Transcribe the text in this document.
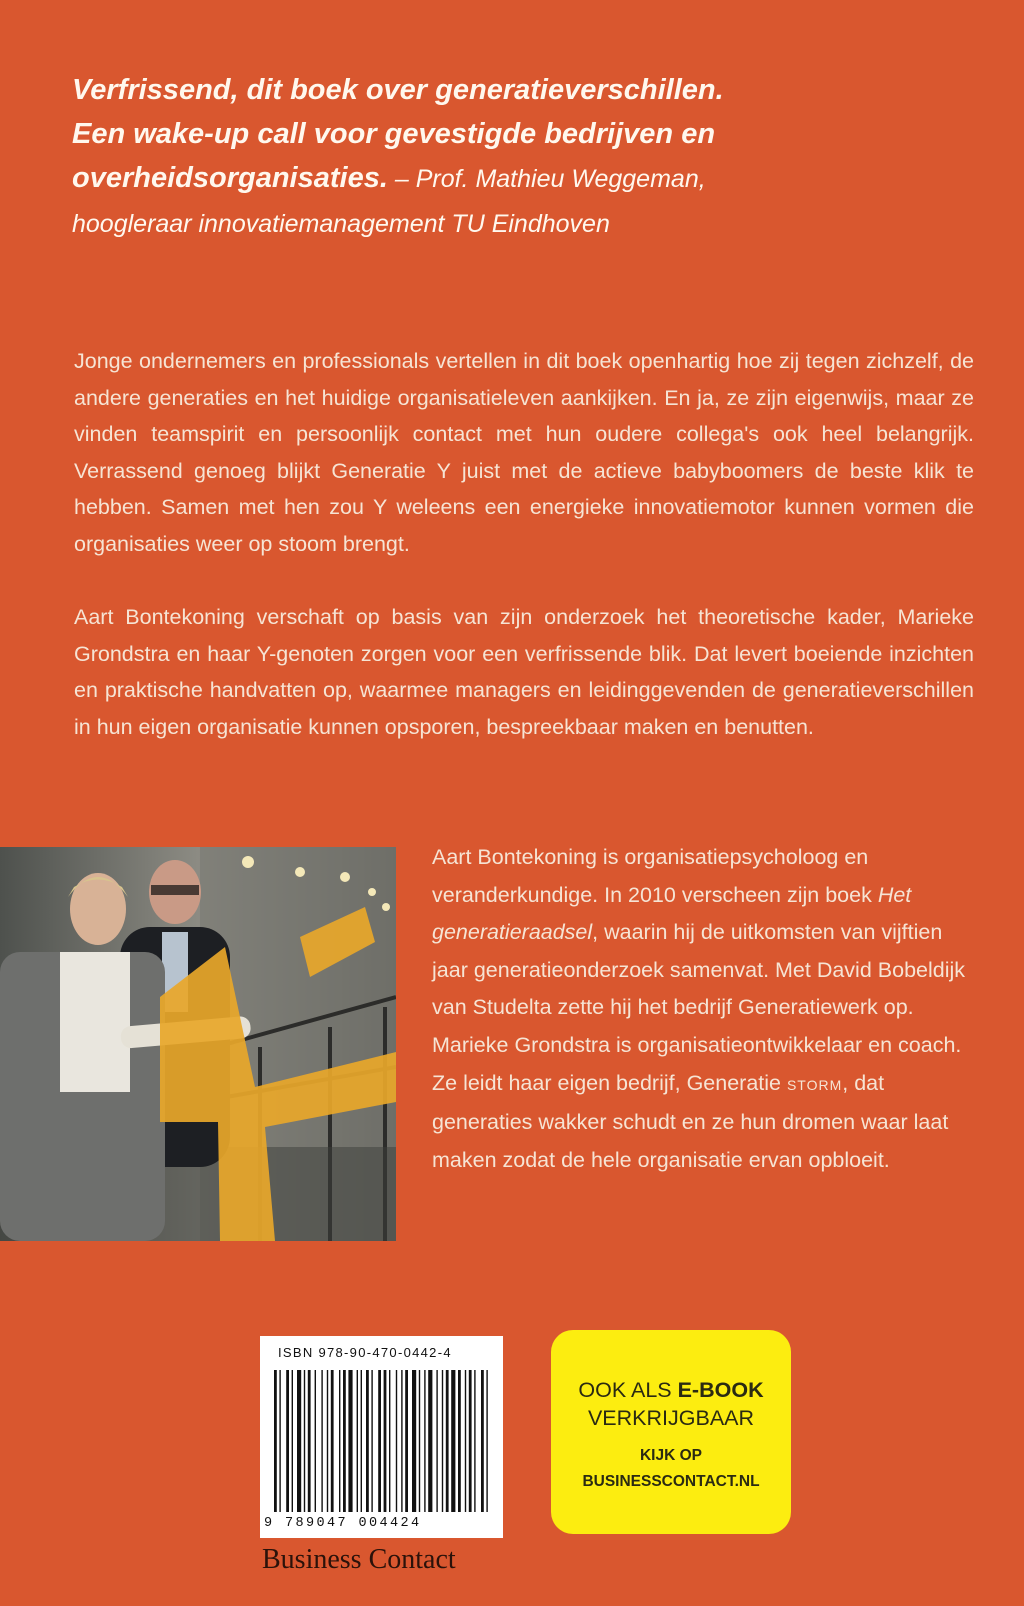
Verfrissend, dit boek over generatieverschillen.
Een wake-up call voor gevestigde bedrijven en
overheidsorganisaties. – Prof. Mathieu Weggeman,
hoogleraar innovatiemanagement TU Eindhoven

Jonge ondernemers en professionals vertellen in dit boek openhartig hoe zij tegen zichzelf, de andere generaties en het huidige organisatieleven aankijken. En ja, ze zijn eigenwijs, maar ze vinden teamspirit en persoonlijk contact met hun oudere collega's ook heel belangrijk. Verrassend genoeg blijkt Generatie Y juist met de actieve babyboomers de beste klik te hebben. Samen met hen zou Y weleens een energieke innovatiemotor kunnen vormen die organisaties weer op stoom brengt.

Aart Bontekoning verschaft op basis van zijn onderzoek het theoretische kader, Marieke Grondstra en haar Y-genoten zorgen voor een verfrissende blik. Dat levert boeiende inzichten en praktische handvatten op, waarmee managers en leidinggevenden de generatieverschillen in hun eigen organisatie kunnen opsporen, bespreekbaar maken en benutten.

Aart Bontekoning is organisatiepsycholoog en veranderkundige. In 2010 verscheen zijn boek Het generatieraadsel, waarin hij de uitkomsten van vijftien jaar generatieonderzoek samenvat. Met David Bobeldijk van Studelta zette hij het bedrijf Generatiewerk op.

Marieke Grondstra is organisatieontwikkelaar en coach. Ze leidt haar eigen bedrijf, Generatie STORM, dat generaties wakker schudt en ze hun dromen waar laat maken zodat de hele organisatie ervan opbloeit.

ISBN 978-90-470-0442-4
9 789047 004424
Business Contact
OOK ALS E-BOOK
VERKRIJGBAAR
KIJK OP
BUSINESSCONTACT.NL
